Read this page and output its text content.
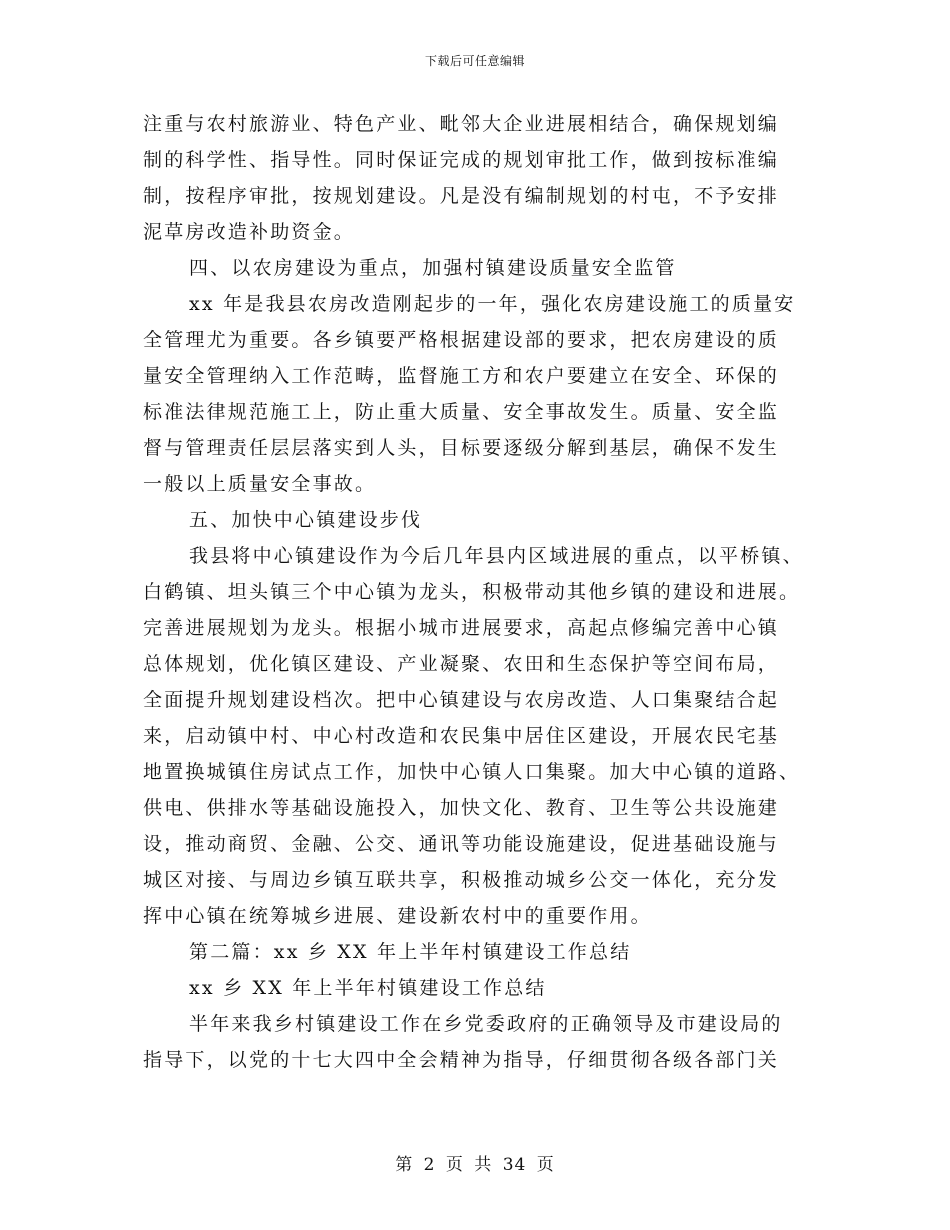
下载后可任意编辑
注重与农村旅游业、特色产业、毗邻大企业进展相结合，确保规划编
制的科学性、指导性。同时保证完成的规划审批工作，做到按标准编
制，按程序审批，按规划建设。凡是没有编制规划的村屯，不予安排
泥草房改造补助资金。
四、以农房建设为重点，加强村镇建设质量安全监管
xx 年是我县农房改造刚起步的一年，强化农房建设施工的质量安
全管理尤为重要。各乡镇要严格根据建设部的要求，把农房建设的质
量安全管理纳入工作范畴，监督施工方和农户要建立在安全、环保的
标准法律规范施工上，防止重大质量、安全事故发生。质量、安全监
督与管理责任层层落实到人头，目标要逐级分解到基层，确保不发生
一般以上质量安全事故。
五、加快中心镇建设步伐
我县将中心镇建设作为今后几年县内区域进展的重点，以平桥镇、
白鹤镇、坦头镇三个中心镇为龙头，积极带动其他乡镇的建设和进展。
完善进展规划为龙头。根据小城市进展要求，高起点修编完善中心镇
总体规划，优化镇区建设、产业凝聚、农田和生态保护等空间布局，
全面提升规划建设档次。把中心镇建设与农房改造、人口集聚结合起
来，启动镇中村、中心村改造和农民集中居住区建设，开展农民宅基
地置换城镇住房试点工作，加快中心镇人口集聚。加大中心镇的道路、
供电、供排水等基础设施投入，加快文化、教育、卫生等公共设施建
设，推动商贸、金融、公交、通讯等功能设施建设，促进基础设施与
城区对接、与周边乡镇互联共享，积极推动城乡公交一体化，充分发
挥中心镇在统筹城乡进展、建设新农村中的重要作用。
第二篇：xx 乡 XX 年上半年村镇建设工作总结
xx 乡 XX 年上半年村镇建设工作总结
半年来我乡村镇建设工作在乡党委政府的正确领导及市建设局的
指导下，以党的十七大四中全会精神为指导，仔细贯彻各级各部门关
第 2 页 共 34 页
